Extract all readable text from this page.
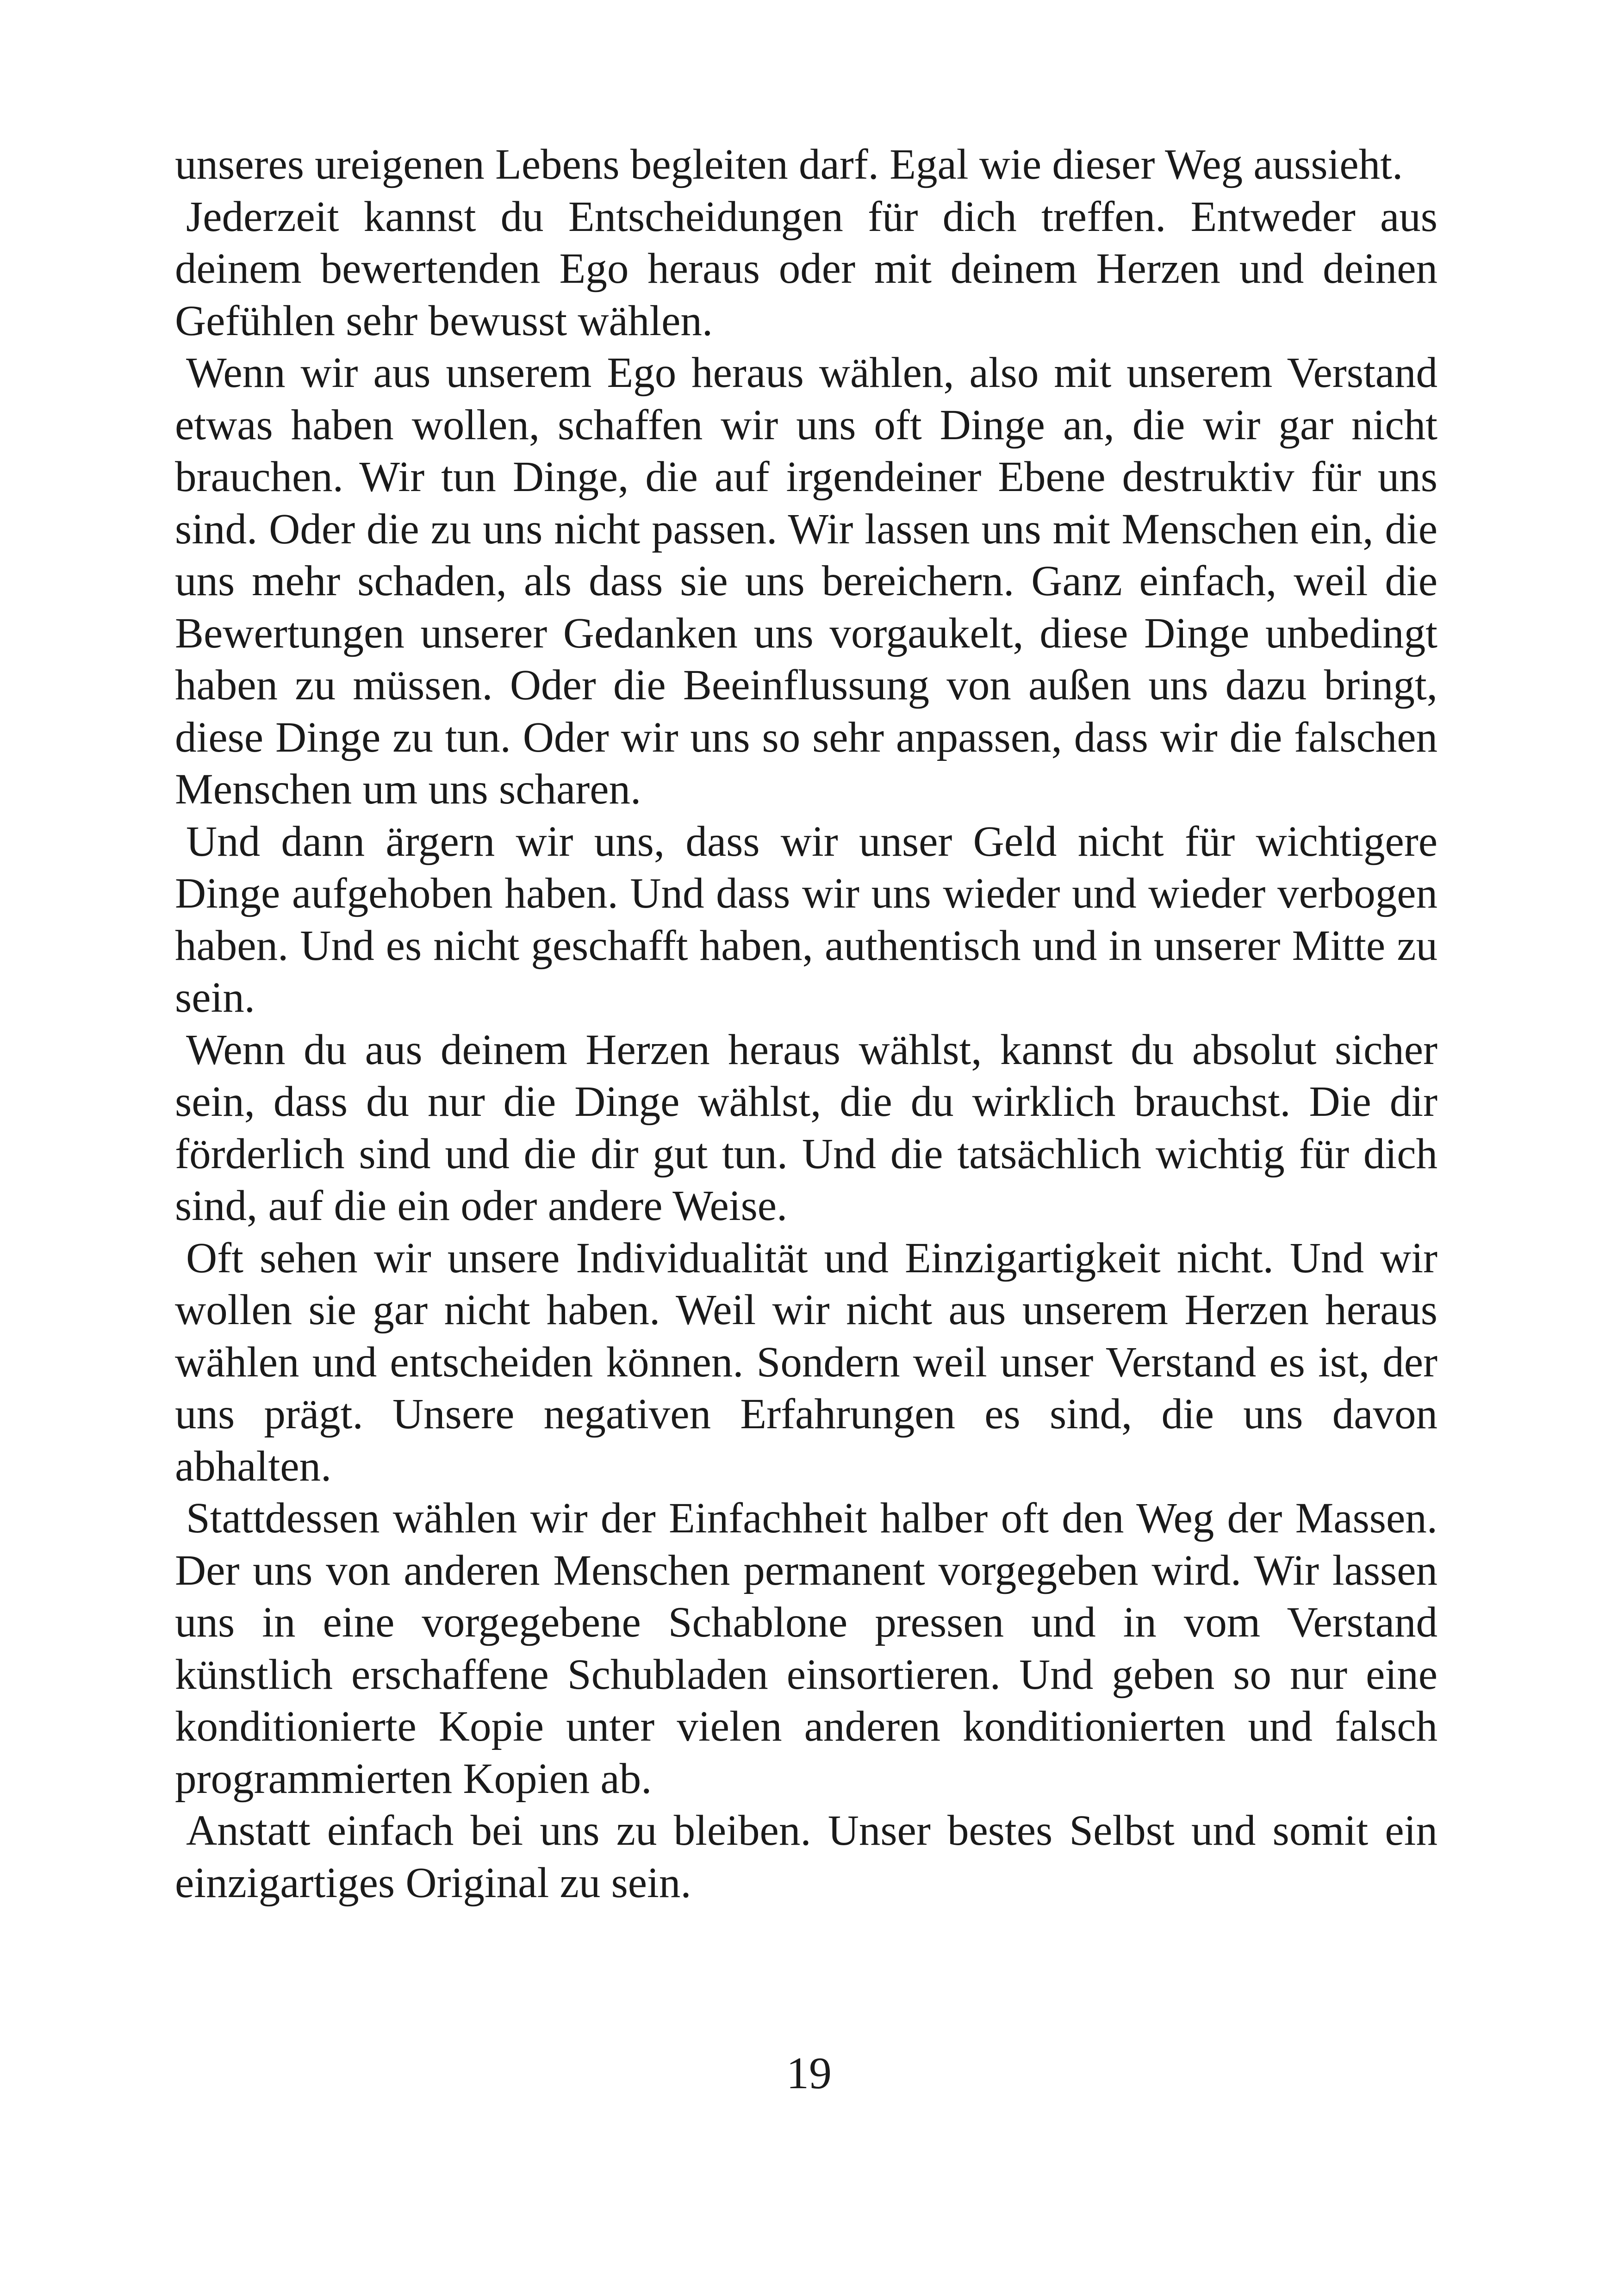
unseres ureigenen Lebens begleiten darf. Egal wie dieser Weg aussieht.

Jederzeit kannst du Entscheidungen für dich treffen. Entweder aus deinem bewertenden Ego heraus oder mit deinem Herzen und deinen Gefühlen sehr bewusst wählen.

Wenn wir aus unserem Ego heraus wählen, also mit unserem Verstand etwas haben wollen, schaffen wir uns oft Dinge an, die wir gar nicht brauchen. Wir tun Dinge, die auf irgendeiner Ebene destruktiv für uns sind. Oder die zu uns nicht passen. Wir lassen uns mit Menschen ein, die uns mehr schaden, als dass sie uns bereichern. Ganz einfach, weil die Bewertungen unserer Gedanken uns vorgaukelt, diese Dinge unbedingt haben zu müssen. Oder die Beeinflussung von außen uns dazu bringt, diese Dinge zu tun. Oder wir uns so sehr anpassen, dass wir die falschen Menschen um uns scharen.

Und dann ärgern wir uns, dass wir unser Geld nicht für wichtigere Dinge aufgehoben haben. Und dass wir uns wieder und wieder verbogen haben. Und es nicht geschafft haben, authentisch und in unserer Mitte zu sein.

Wenn du aus deinem Herzen heraus wählst, kannst du absolut sicher sein, dass du nur die Dinge wählst, die du wirklich brauchst. Die dir förderlich sind und die dir gut tun. Und die tatsächlich wichtig für dich sind, auf die ein oder andere Weise.

Oft sehen wir unsere Individualität und Einzigartigkeit nicht. Und wir wollen sie gar nicht haben. Weil wir nicht aus unserem Herzen heraus wählen und entscheiden können. Sondern weil unser Verstand es ist, der uns prägt. Unsere negativen Erfahrungen es sind, die uns davon abhalten.

Stattdessen wählen wir der Einfachheit halber oft den Weg der Massen. Der uns von anderen Menschen permanent vorgegeben wird. Wir lassen uns in eine vorgegebene Schablone pressen und in vom Verstand künstlich erschaffene Schubladen einsortieren. Und geben so nur eine konditionierte Kopie unter vielen anderen konditionierten und falsch programmierten Kopien ab.

Anstatt einfach bei uns zu bleiben. Unser bestes Selbst und somit ein einzigartiges Original zu sein.

19
